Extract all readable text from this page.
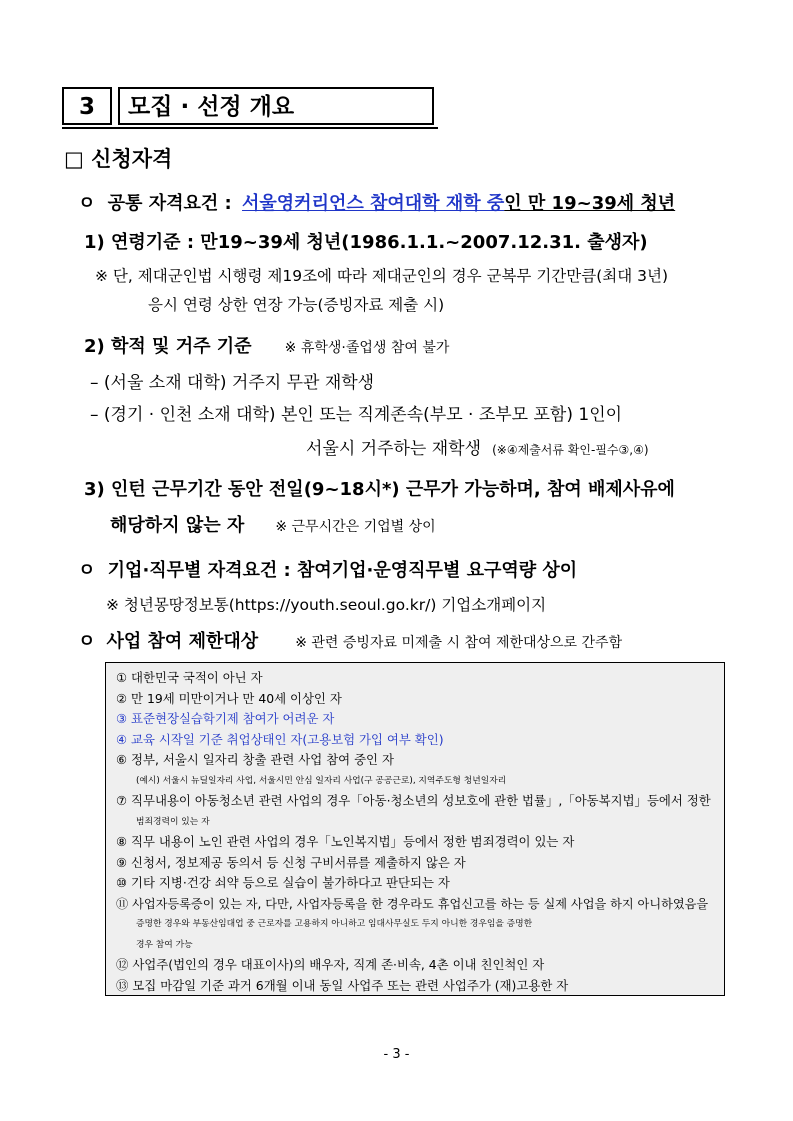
3	모집 · 선정 개요
□ 신청자격
ㅇ 공통 자격요건 : 서울영커리언스 참여대학 재학 중인 만 19~39세 청년
1) 연령기준 : 만19~39세 청년(1986.1.1.~2007.12.31. 출생자)
※ 단, 제대군인법 시행령 제19조에 따라 제대군인의 경우 군복무 기간만큼(최대 3년)
응시 연령 상한 연장 가능(증빙자료 제출 시)
2) 학적 및 거주 기준 ※ 휴학생·졸업생 참여 불가
– (서울 소재 대학) 거주지 무관 재학생
– (경기 · 인천 소재 대학) 본인 또는 직계존속(부모 · 조부모 포함) 1인이
서울시 거주하는 재학생 (※④제출서류 확인-필수③,④)
3) 인턴 근무기간 동안 전일(9~18시*) 근무가 가능하며, 참여 배제사유에
해당하지 않는 자 ※ 근무시간은 기업별 상이
ㅇ 기업·직무별 자격요건 : 참여기업·운영직무별 요구역량 상이
※ 청년몽땅정보통(https://youth.seoul.go.kr/) 기업소개페이지
ㅇ 사업 참여 제한대상	※ 관련 증빙자료 미제출 시 참여 제한대상으로 간주함
① 대한민국 국적이 아닌 자
② 만 19세 미만이거나 만 40세 이상인 자
③ 표준현장실습학기제 참여가 어려운 자
④ 교육 시작일 기준 취업상태인 자(고용보험 가입 여부 확인)
⑥ 정부, 서울시 일자리 창출 관련 사업 참여 중인 자
(예시) 서울시 뉴딜일자리 사업, 서울시민 안심 일자리 사업(구 공공근로), 지역주도형 청년일자리
⑦ 직무내용이 아동청소년 관련 사업의 경우「아동·청소년의 성보호에 관한 법률」,「아동복지법」등에서 정한
범죄경력이 있는 자
⑧ 직무 내용이 노인 관련 사업의 경우「노인복지법」등에서 정한 범죄경력이 있는 자
⑨ 신청서, 정보제공 동의서 등 신청 구비서류를 제출하지 않은 자
⑩ 기타 지병·건강 쇠약 등으로 실습이 불가하다고 판단되는 자
⑪ 사업자등록증이 있는 자, 다만, 사업자등록을 한 경우라도 휴업신고를 하는 등 실제 사업을 하지 아니하였음을
증명한 경우와 부동산임대업 중 근로자를 고용하지 아니하고 임대사무실도 두지 아니한 경우임을 증명한
경우 참여 가능
⑫ 사업주(법인의 경우 대표이사)의 배우자, 직계 존·비속, 4촌 이내 친인척인 자
⑬ 모집 마감일 기준 과거 6개월 이내 동일 사업주 또는 관련 사업주가 (재)고용한 자
- 3 -
